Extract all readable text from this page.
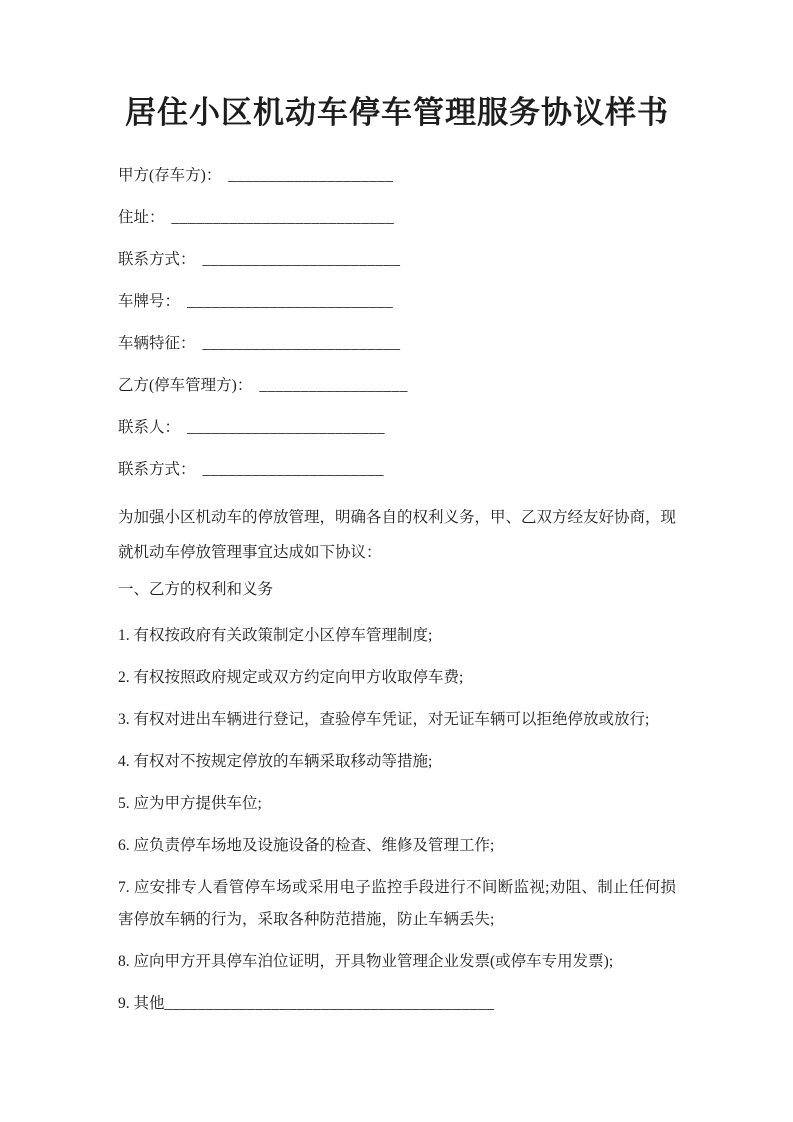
居住小区机动车停车管理服务协议样书

甲方(存车方)： ____________________

住址： ___________________________

联系方式： ________________________

车牌号： _________________________

车辆特征： ________________________

乙方(停车管理方)： __________________

联系人： ________________________

联系方式： ______________________

为加强小区机动车的停放管理，明确各自的权利义务，甲、乙双方经友好协商，现就机动车停放管理事宜达成如下协议：

一、乙方的权利和义务

1. 有权按政府有关政策制定小区停车管理制度;

2. 有权按照政府规定或双方约定向甲方收取停车费;

3. 有权对进出车辆进行登记，查验停车凭证，对无证车辆可以拒绝停放或放行;

4. 有权对不按规定停放的车辆采取移动等措施;

5. 应为甲方提供车位;

6. 应负责停车场地及设施设备的检查、维修及管理工作;

7. 应安排专人看管停车场或采用电子监控手段进行不间断监视;劝阻、制止任何损害停放车辆的行为，采取各种防范措施，防止车辆丢失;

8. 应向甲方开具停车泊位证明，开具物业管理企业发票(或停车专用发票);

9. 其他________________________________________
